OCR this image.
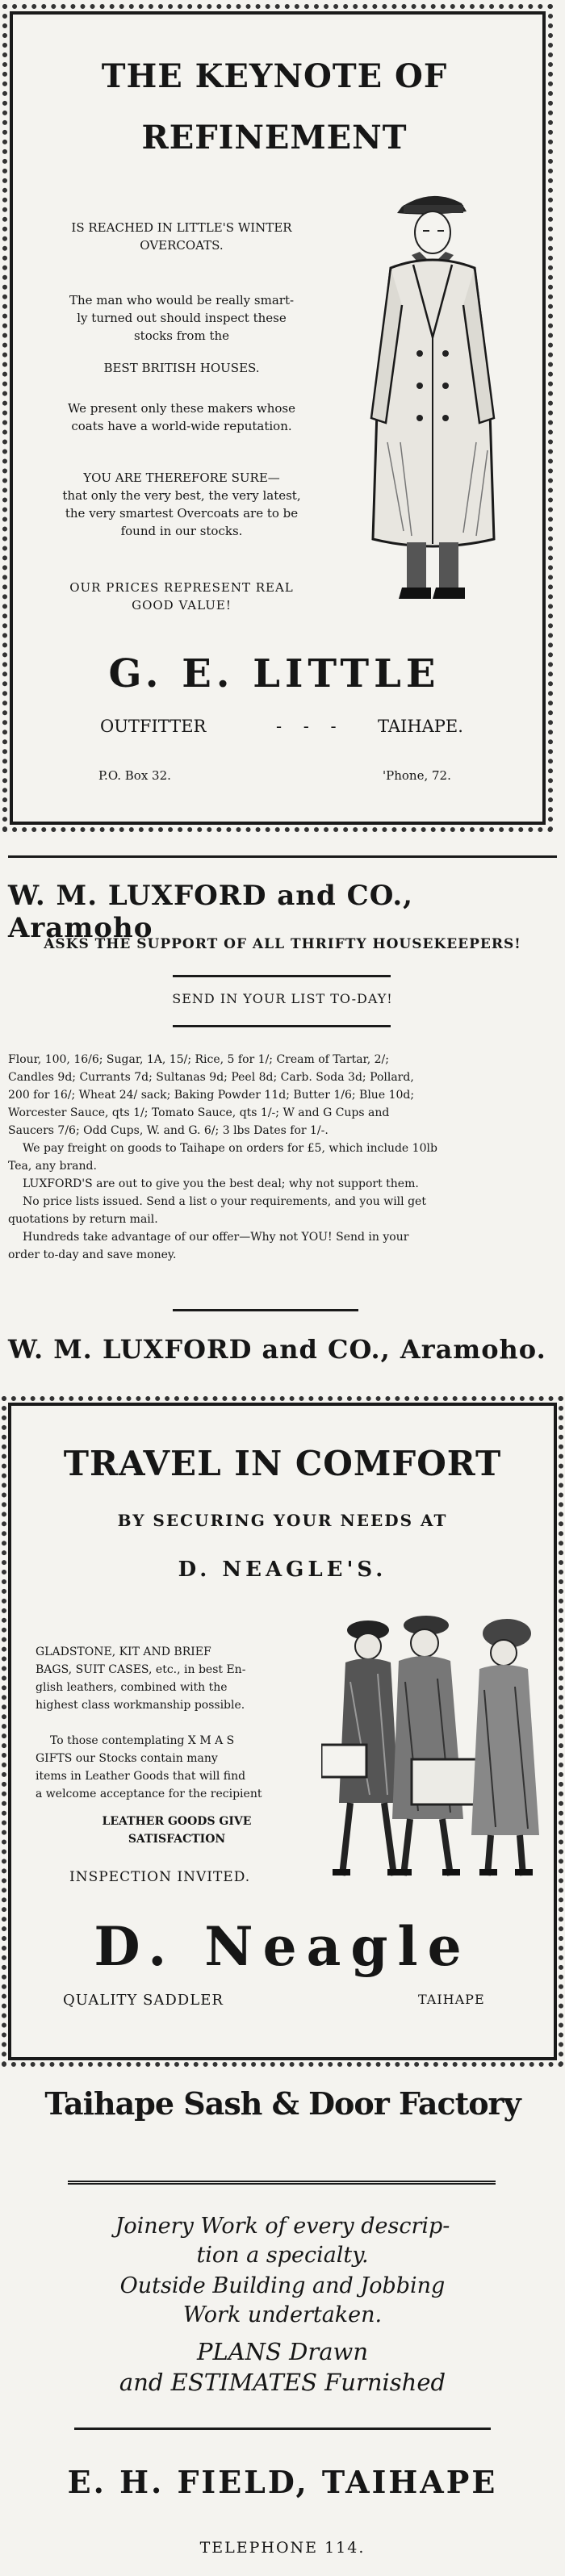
THE KEYNOTE OF
REFINEMENT
IS REACHED IN LITTLE'S WINTER
OVERCOATS.
The man who would be really smart-
ly turned out should inspect these
stocks from the
BEST BRITISH HOUSES.
We present only these makers whose
coats have a world-wide reputation.
YOU ARE THEREFORE SURE—
that only the very best, the very latest,
the very smartest Overcoats are to be
found in our stocks.
OUR PRICES REPRESENT REAL
GOOD VALUE!
G. E. LITTLE
OUTFITTER	- - - TAIHAPE.
P.O. Box 32.	'Phone, 72.
W. M. LUXFORD and CO., Aramoho
ASKS THE SUPPORT OF ALL THRIFTY HOUSEKEEPERS!
SEND IN YOUR LIST TO-DAY!
Flour, 100, 16/6; Sugar, 1A, 15/; Rice, 5 for 1/; Cream of Tartar, 2/;
Candles 9d; Currants 7d; Sultanas 9d; Peel 8d; Carb. Soda 3d; Pollard,
200 for 16/; Wheat 24/ sack; Baking Powder 11d; Butter 1/6; Blue 10d;
Worcester Sauce, qts 1/; Tomato Sauce, qts 1/-; W and G Cups and
Saucers 7/6; Odd Cups, W. and G. 6/; 3 lbs Dates for 1/-.
We pay freight on goods to Taihape on orders for £5, which include 10lb
Tea, any brand.
LUXFORD'S are out to give you the best deal; why not support them.
No price lists issued. Send a list o your requirements, and you will get
quotations by return mail.
Hundreds take advantage of our offer—Why not YOU! Send in your
order to-day and save money.
W. M. LUXFORD and CO., Aramoho.
TRAVEL IN COMFORT
BY SECURING YOUR NEEDS AT
D. NEAGLE'S.
GLADSTONE, KIT AND BRIEF
BAGS, SUIT CASES, etc., in best En-
glish leathers, combined with the
highest class workmanship possible.
To those contemplating X M A S
GIFTS our Stocks contain many
items in Leather Goods that will find
a welcome acceptance for the recipient
LEATHER GOODS GIVE
SATISFACTION
INSPECTION INVITED.
D. Neagle
QUALITY SADDLER	TAIHAPE
Taihape Sash & Door Factory
Joinery Work of every descrip-
tion a specialty.
Outside Building and Jobbing
Work undertaken.
PLANS Drawn
and ESTIMATES Furnished
E. H. FIELD, TAIHAPE
TELEPHONE 114.
